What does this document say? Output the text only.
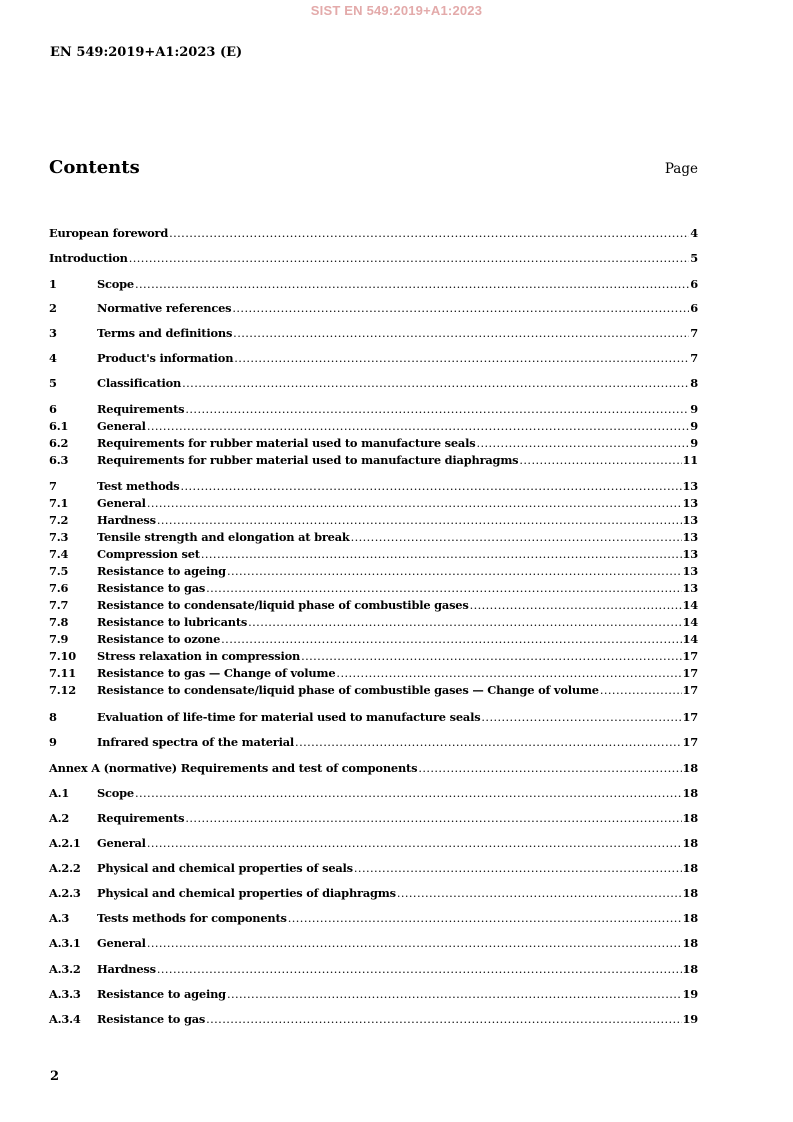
SIST EN 549:2019+A1:2023
EN 549:2019+A1:2023 (E)
Contents	Page
European foreword .....	4
Introduction .....	5
1	Scope .....	6
2	Normative references .....	6
3	Terms and definitions .....	7
4	Product's information .....	7
5	Classification .....	8
6	Requirements .....	9
6.1	General .....	9
6.2	Requirements for rubber material used to manufacture seals .....	9
6.3	Requirements for rubber material used to manufacture diaphragms .....	11
7	Test methods .....	13
7.1	General .....	13
7.2	Hardness .....	13
7.3	Tensile strength and elongation at break .....	13
7.4	Compression set .....	13
7.5	Resistance to ageing .....	13
7.6	Resistance to gas .....	13
7.7	Resistance to condensate/liquid phase of combustible gases .....	14
7.8	Resistance to lubricants .....	14
7.9	Resistance to ozone .....	14
7.10	Stress relaxation in compression .....	17
7.11	Resistance to gas — Change of volume .....	17
7.12	Resistance to condensate/liquid phase of combustible gases — Change of volume .....	17
8	Evaluation of life-time for material used to manufacture seals .....	17
9	Infrared spectra of the material .....	17
Annex A (normative) Requirements and test of components .....	18
A.1	Scope .....	18
A.2	Requirements .....	18
A.2.1	General .....	18
A.2.2	Physical and chemical properties of seals .....	18
A.2.3	Physical and chemical properties of diaphragms .....	18
A.3	Tests methods for components .....	18
A.3.1	General .....	18
A.3.2	Hardness .....	18
A.3.3	Resistance to ageing .....	19
A.3.4	Resistance to gas .....	19
2
